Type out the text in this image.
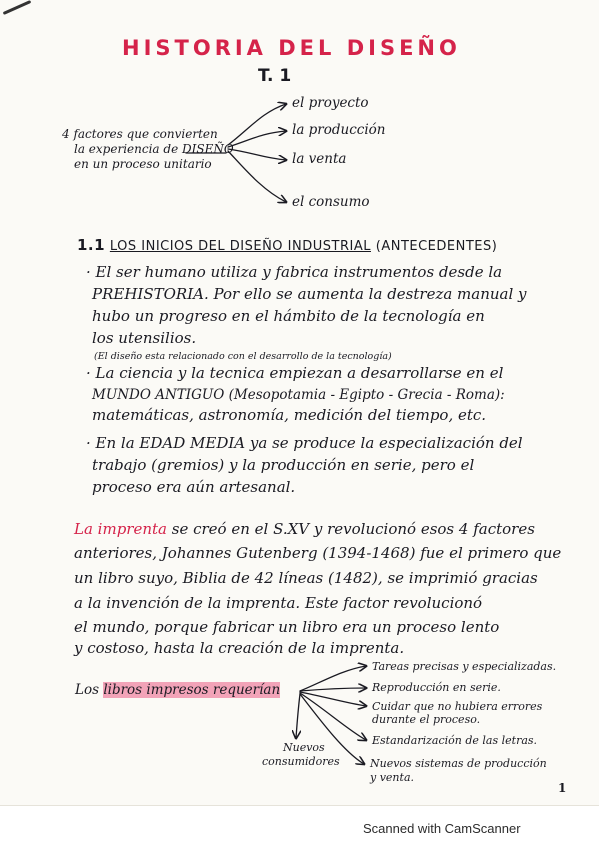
HISTORIA DEL DISEÑO
T. 1
4 factores que convierten
la experiencia de DISEÑO
en un proceso unitario
el proyecto
la producción
la venta
el consumo
1.1 LOS INICIOS DEL DISEÑO INDUSTRIAL (ANTECEDENTES)
· El ser humano utiliza y fabrica instrumentos desde la
PREHISTORIA. Por ello se aumenta la destreza manual y
hubo un progreso en el hámbito de la tecnología en
los utensilios.
(El diseño esta relacionado con el desarrollo de la tecnología)
· La ciencia y la tecnica empiezan a desarrollarse en el
MUNDO ANTIGUO (Mesopotamia - Egipto - Grecia - Roma):
matemáticas, astronomía, medición del tiempo, etc.
· En la EDAD MEDIA ya se produce la especialización del
trabajo (gremios) y la producción en serie, pero el
proceso era aún artesanal.
La imprenta se creó en el S.XV y revolucionó esos 4 factores
anteriores, Johannes Gutenberg (1394-1468) fue el primero que
un libro suyo, Biblia de 42 líneas (1482), se imprimió gracias
a la invención de la imprenta. Este factor revolucionó
el mundo, porque fabricar un libro era un proceso lento
y costoso, hasta la creación de la imprenta.
Los libros impresos requerían
Tareas precisas y especializadas.
Reproducción en serie.
Cuidar que no hubiera errores
durante el proceso.
Estandarización de las letras.
Nuevos sistemas de producción
y venta.
Nuevos
consumidores
1
Scanned with CamScanner
